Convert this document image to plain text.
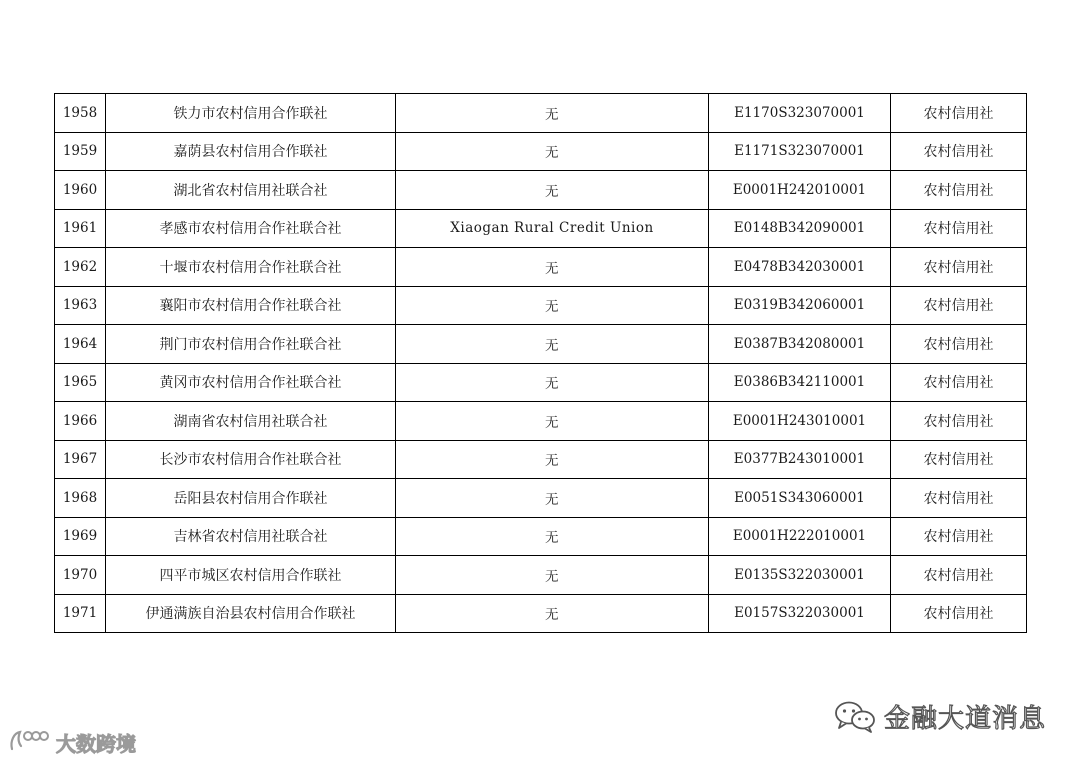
1958	铁力市农村信用合作联社	无	E1170S323070001	农村信用社
1959	嘉荫县农村信用合作联社	无	E1171S323070001	农村信用社
1960	湖北省农村信用社联合社	无	E0001H242010001	农村信用社
1961	孝感市农村信用合作社联合社	Xiaogan Rural Credit Union	E0148B342090001	农村信用社
1962	十堰市农村信用合作社联合社	无	E0478B342030001	农村信用社
1963	襄阳市农村信用合作社联合社	无	E0319B342060001	农村信用社
1964	荆门市农村信用合作社联合社	无	E0387B342080001	农村信用社
1965	黄冈市农村信用合作社联合社	无	E0386B342110001	农村信用社
1966	湖南省农村信用社联合社	无	E0001H243010001	农村信用社
1967	长沙市农村信用合作社联合社	无	E0377B243010001	农村信用社
1968	岳阳县农村信用合作联社	无	E0051S343060001	农村信用社
1969	吉林省农村信用社联合社	无	E0001H222010001	农村信用社
1970	四平市城区农村信用合作联社	无	E0135S322030001	农村信用社
1971	伊通满族自治县农村信用合作联社	无	E0157S322030001	农村信用社
金融大道消息
大数跨境
